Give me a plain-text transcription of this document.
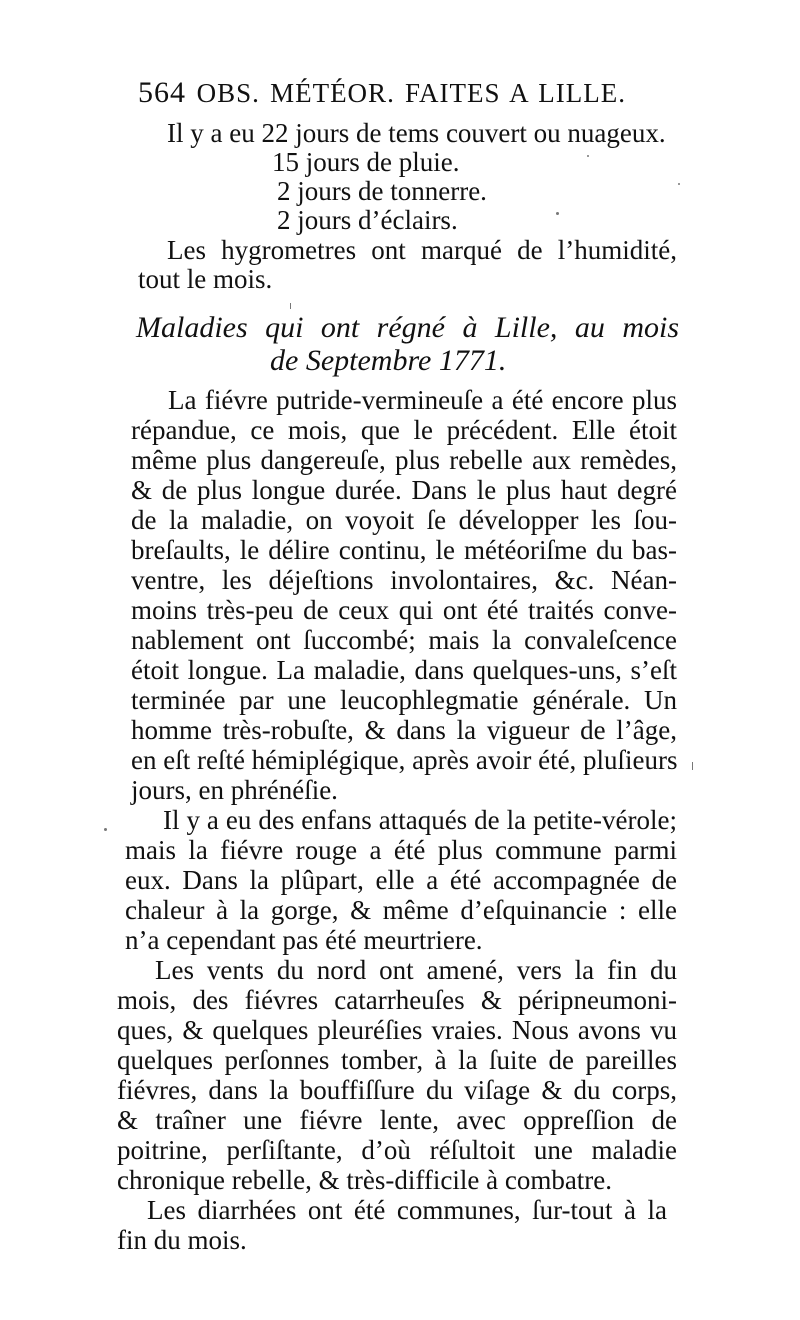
564 OBS. MÉTÉOR. FAITES A LILLE.
Il y a eu 22 jours de tems couvert ou nuageux.
15 jours de pluie.
2 jours de tonnerre.
2 jours d’éclairs.
Les hygrometres ont marqué de l’humidité,
tout le mois.
Maladies qui ont régné à Lille, au mois
de Septembre 1771.
La fiévre putride-vermineuſe a été encore plus
répandue, ce mois, que le précédent. Elle étoit
même plus dangereuſe, plus rebelle aux remèdes,
& de plus longue durée. Dans le plus haut degré
de la maladie, on voyoit ſe développer les ſou-
breſaults, le délire continu, le météoriſme du bas-
ventre, les déjeſtions involontaires, &c. Néan-
moins très-peu de ceux qui ont été traités conve-
nablement ont ſuccombé; mais la convaleſcence
étoit longue. La maladie, dans quelques-uns, s’eſt
terminée par une leucophlegmatie générale. Un
homme très-robuſte, & dans la vigueur de l’âge,
en eſt reſté hémiplégique, après avoir été, pluſieurs
jours, en phrénéſie.
Il y a eu des enfans attaqués de la petite-vérole;
mais la fiévre rouge a été plus commune parmi
eux. Dans la plûpart, elle a été accompagnée de
chaleur à la gorge, & même d’eſquinancie : elle
n’a cependant pas été meurtriere.
Les vents du nord ont amené, vers la fin du
mois, des fiévres catarrheuſes & péripneumoni-
ques, & quelques pleuréſies vraies. Nous avons vu
quelques perſonnes tomber, à la ſuite de pareilles
fiévres, dans la bouffiſſure du viſage & du corps,
& traîner une fiévre lente, avec oppreſſion de
poitrine, perſiſtante, d’où réſultoit une maladie
chronique rebelle, & très-difficile à combatre.
Les diarrhées ont été communes, ſur-tout à la
fin du mois.
